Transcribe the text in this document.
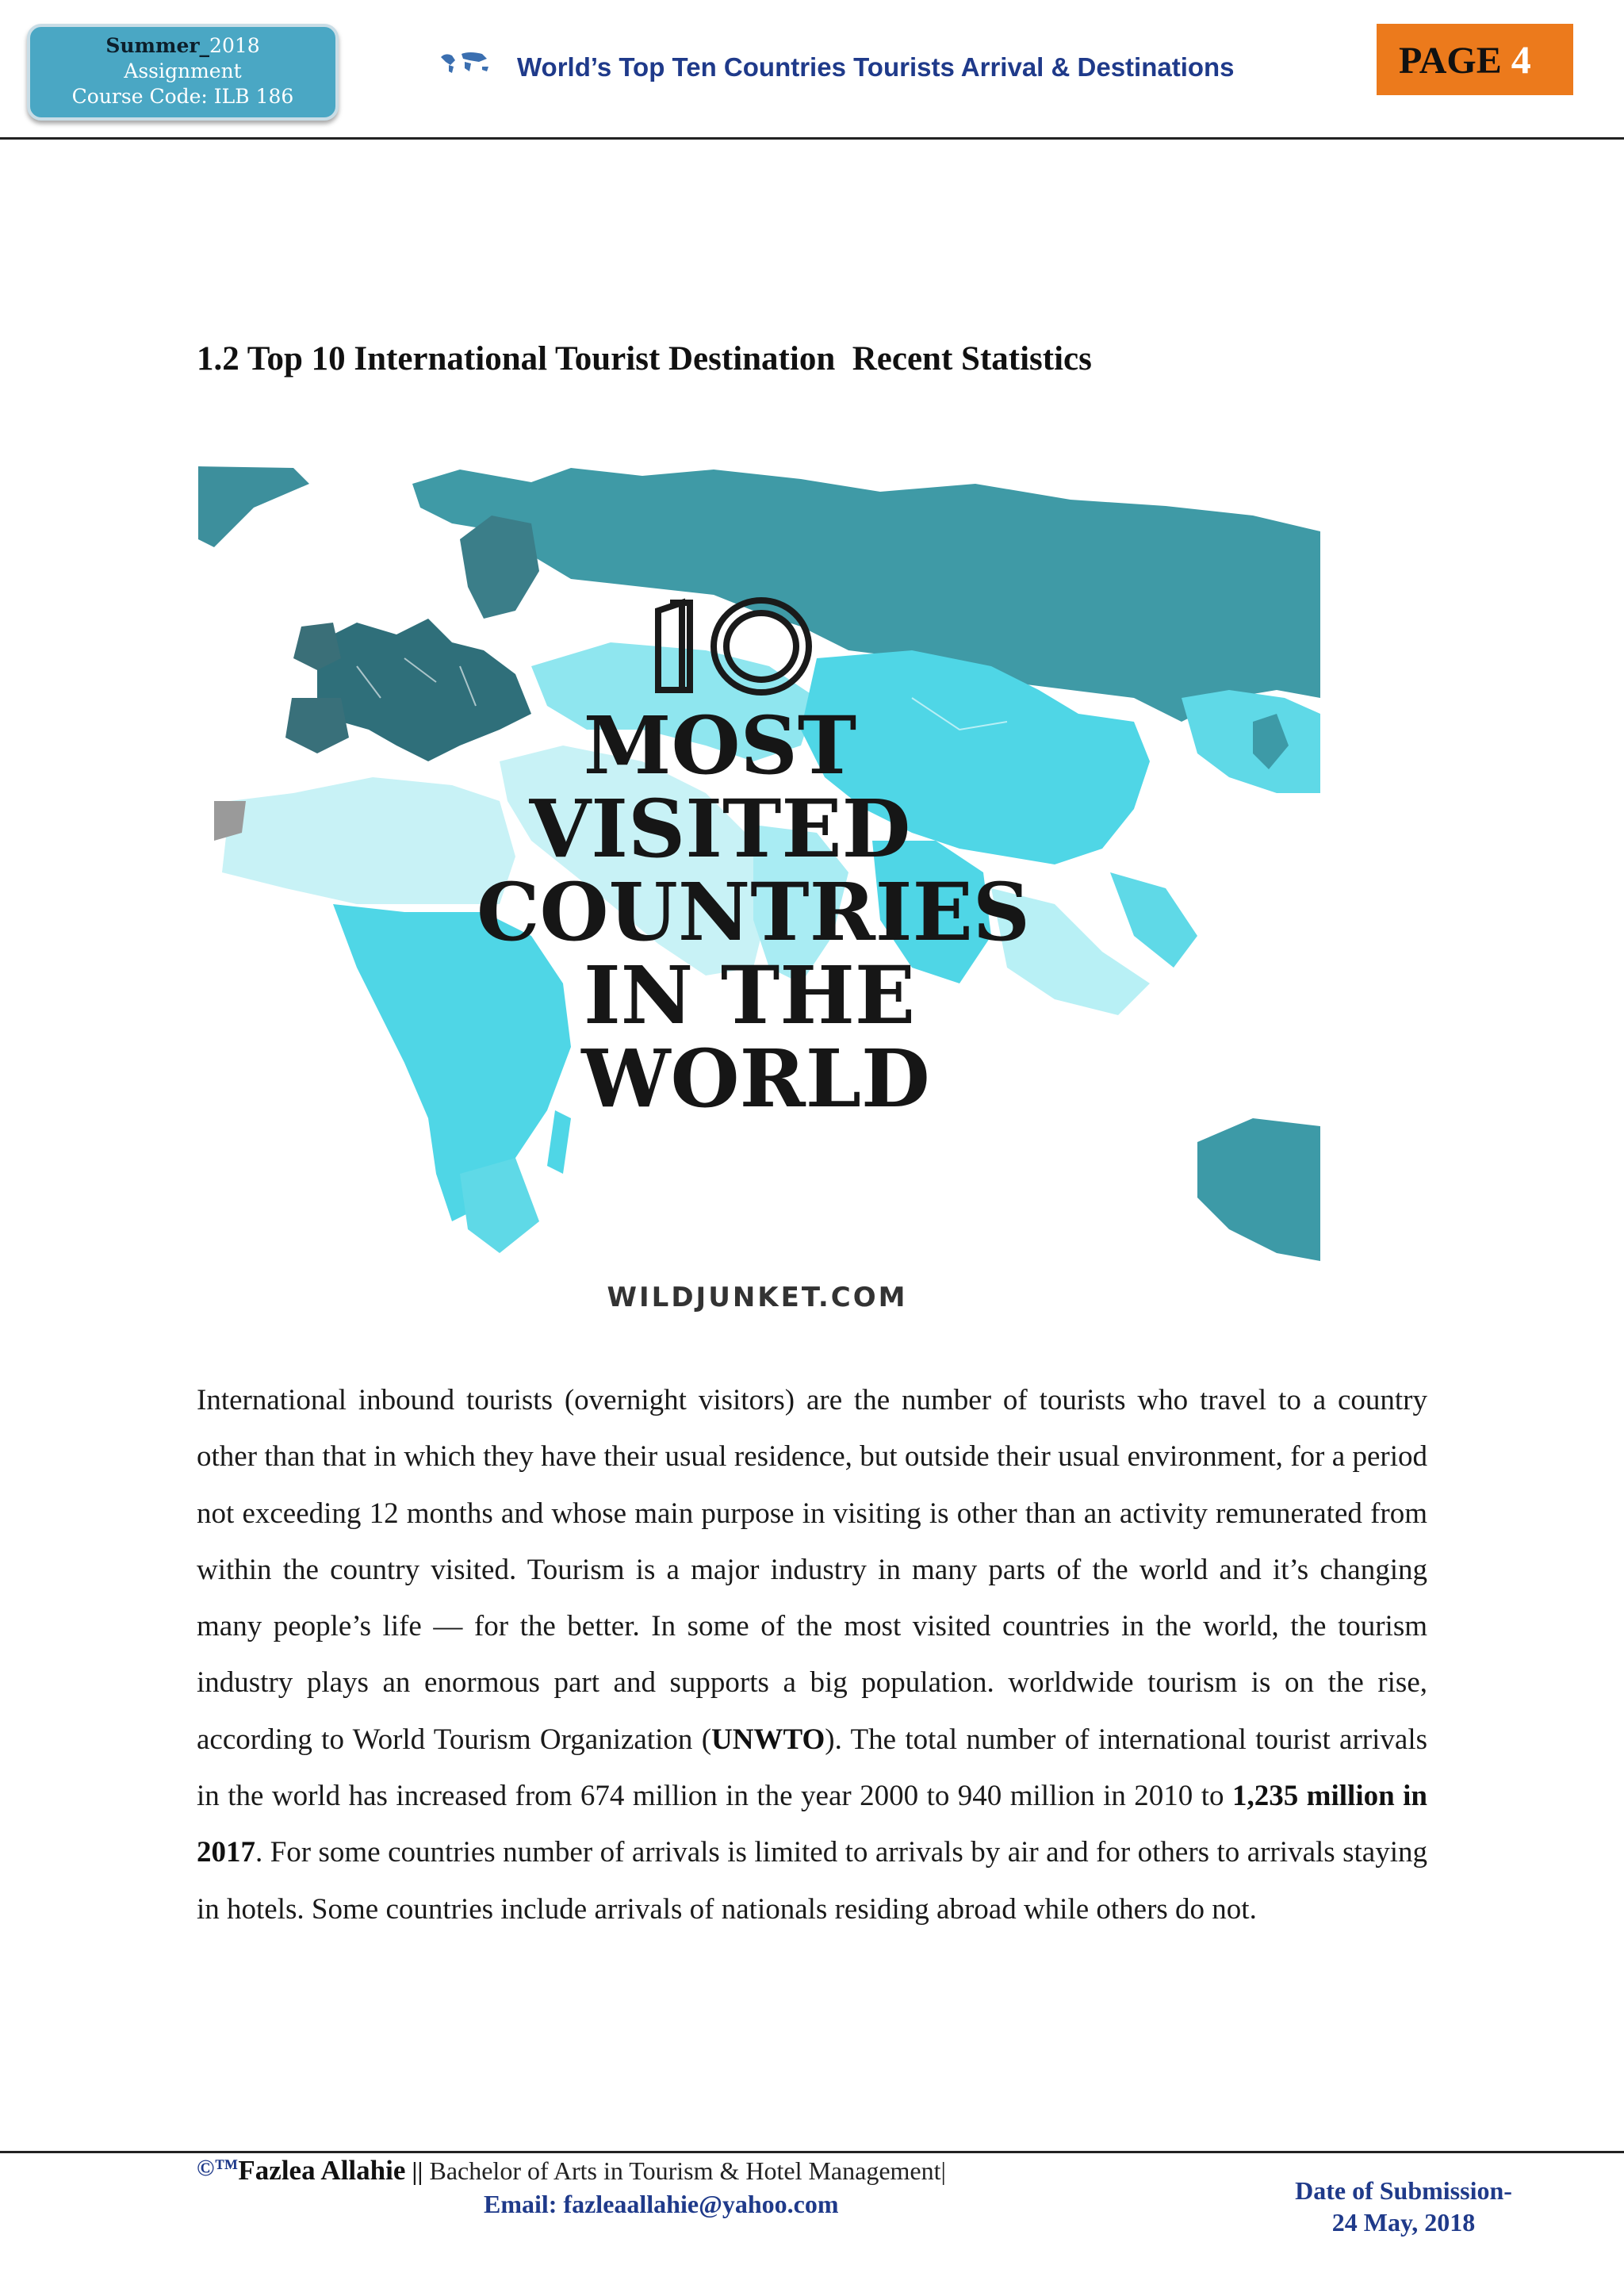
Summer_2018
Assignment
Course Code: ILB 186
World’s Top Ten Countries Tourists Arrival & Destinations	PAGE 4
1.2 Top 10 International Tourist Destination  Recent Statistics
MOST
VISITED
COUNTRIES
IN THE
WORLD
WILDJUNKET.COM
International inbound tourists (overnight visitors) are the number of tourists who travel to a country other than that in which they have their usual residence, but outside their usual environment, for a period not exceeding 12 months and whose main purpose in visiting is other than an activity remunerated from within the country visited. Tourism is a major industry in many parts of the world and it’s changing many people’s life — for the better. In some of the most visited countries in the world, the tourism industry plays an enormous part and supports a big population. worldwide tourism is on the rise, according to World Tourism Organization (UNWTO). The total number of international tourist arrivals in the world has increased from 674 million in the year 2000 to 940 million in 2010 to 1,235 million in 2017. For some countries number of arrivals is limited to arrivals by air and for others to arrivals staying in hotels. Some countries include arrivals of nationals residing abroad while others do not.
©™Fazlea Allahie || Bachelor of Arts in Tourism & Hotel Management|
Email: fazleaallahie@yahoo.com	Date of Submission-
24 May, 2018
